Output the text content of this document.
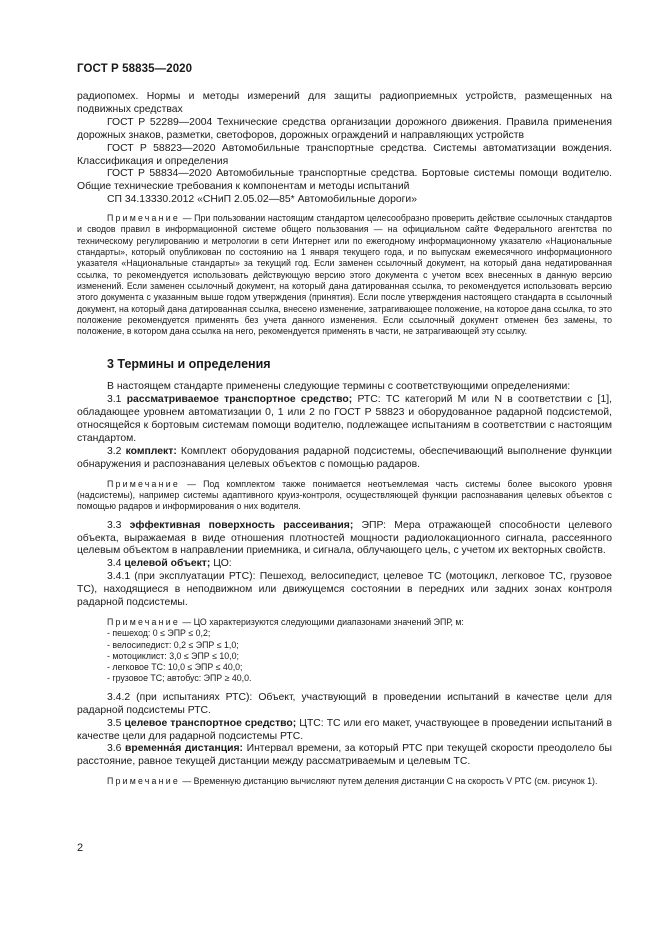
ГОСТ Р 58835—2020

радиопомех. Нормы и методы измерений для защиты радиоприемных устройств, размещенных на подвижных средствах

ГОСТ Р 52289—2004 Технические средства организации дорожного движения. Правила применения дорожных знаков, разметки, светофоров, дорожных ограждений и направляющих устройств

ГОСТ Р 58823—2020 Автомобильные транспортные средства. Системы автоматизации вождения. Классификация и определения

ГОСТ Р 58834—2020 Автомобильные транспортные средства. Бортовые системы помощи водителю. Общие технические требования к компонентам и методы испытаний

СП 34.13330.2012 «СНиП 2.05.02—85* Автомобильные дороги»

Примечание — При пользовании настоящим стандартом целесообразно проверить действие ссылочных стандартов и сводов правил в информационной системе общего пользования — на официальном сайте Федерального агентства по техническому регулированию и метрологии в сети Интернет или по ежегодному информационному указателю «Национальные стандарты», который опубликован по состоянию на 1 января текущего года, и по выпускам ежемесячного информационного указателя «Национальные стандарты» за текущий год. Если заменен ссылочный документ, на который дана недатированная ссылка, то рекомендуется использовать действующую версию этого документа с учетом всех внесенных в данную версию изменений. Если заменен ссылочный документ, на который дана датированная ссылка, то рекомендуется использовать версию этого документа с указанным выше годом утверждения (принятия). Если после утверждения настоящего стандарта в ссылочный документ, на который дана датированная ссылка, внесено изменение, затрагивающее положение, на которое дана ссылка, то это положение рекомендуется применять без учета данного изменения. Если ссылочный документ отменен без замены, то положение, в котором дана ссылка на него, рекомендуется применять в части, не затрагивающей эту ссылку.

3 Термины и определения

В настоящем стандарте применены следующие термины с соответствующими определениями:

3.1 рассматриваемое транспортное средство; РТС: ТС категорий М или N в соответствии с [1], обладающее уровнем автоматизации 0, 1 или 2 по ГОСТ Р 58823 и оборудованное радарной подсистемой, относящейся к бортовым системам помощи водителю, подлежащее испытаниям в соответствии с настоящим стандартом.

3.2 комплект: Комплект оборудования радарной подсистемы, обеспечивающий выполнение функции обнаружения и распознавания целевых объектов с помощью радаров.

Примечание — Под комплектом также понимается неотъемлемая часть системы более высокого уровня (надсистемы), например системы адаптивного круиз-контроля, осуществляющей функции распознавания целевых объектов с помощью радаров и информирования о них водителя.

3.3 эффективная поверхность рассеивания; ЭПР: Мера отражающей способности целевого объекта, выражаемая в виде отношения плотностей мощности радиолокационного сигнала, рассеянного целевым объектом в направлении приемника, и сигнала, облучающего цель, с учетом их векторных свойств.

3.4 целевой объект; ЦО:

3.4.1 (при эксплуатации РТС): Пешеход, велосипедист, целевое ТС (мотоцикл, легковое ТС, грузовое ТС), находящиеся в неподвижном или движущемся состоянии в передних или задних зонах контроля радарной подсистемы.

Примечание — ЦО характеризуются следующими диапазонами значений ЭПР, м:

- пешеход: 0 ≤ ЭПР ≤ 0,2;

- велосипедист: 0,2 ≤ ЭПР ≤ 1,0;

- мотоциклист: 3,0 ≤ ЭПР ≤ 10,0;

- легковое ТС: 10,0 ≤ ЭПР ≤ 40,0;

- грузовое ТС; автобус: ЭПР ≥ 40,0.

3.4.2 (при испытаниях РТС): Объект, участвующий в проведении испытаний в качестве цели для радарной подсистемы РТС.

3.5 целевое транспортное средство; ЦТС: ТС или его макет, участвующее в проведении испытаний в качестве цели для радарной подсистемы РТС.

3.6 временна́я дистанция: Интервал времени, за который РТС при текущей скорости преодолело бы расстояние, равное текущей дистанции между рассматриваемым и целевым ТС.

Примечание — Временную дистанцию вычисляют путем деления дистанции С на скорость V РТС (см. рисунок 1).

2
